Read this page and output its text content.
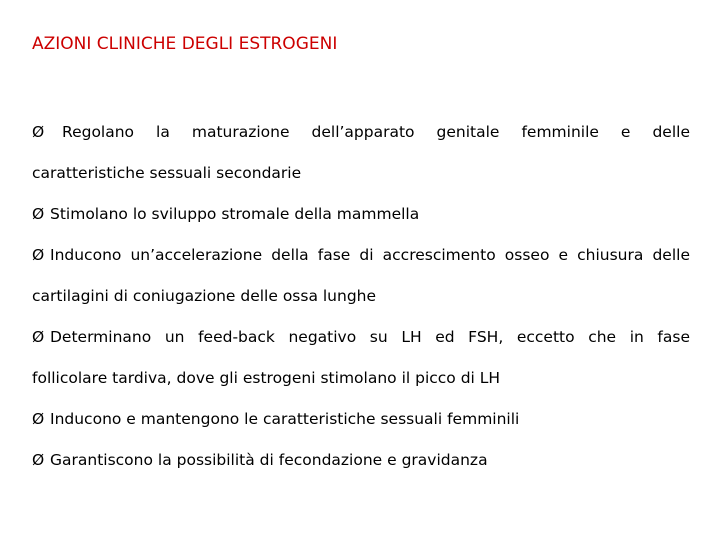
AZIONI CLINICHE DEGLI ESTROGENI
Ø Regolano la maturazione dell’apparato genitale femminile e delle
caratteristiche sessuali secondarie
Ø Stimolano lo sviluppo stromale della mammella
Ø Inducono un’accelerazione della fase di accrescimento osseo e chiusura delle
cartilagini di coniugazione delle ossa lunghe
Ø Determinano un feed-back negativo su LH ed FSH, eccetto che in fase
follicolare tardiva, dove gli estrogeni stimolano il picco di LH
Ø Inducono e mantengono le caratteristiche sessuali femminili
Ø Garantiscono la possibilità di fecondazione e gravidanza
